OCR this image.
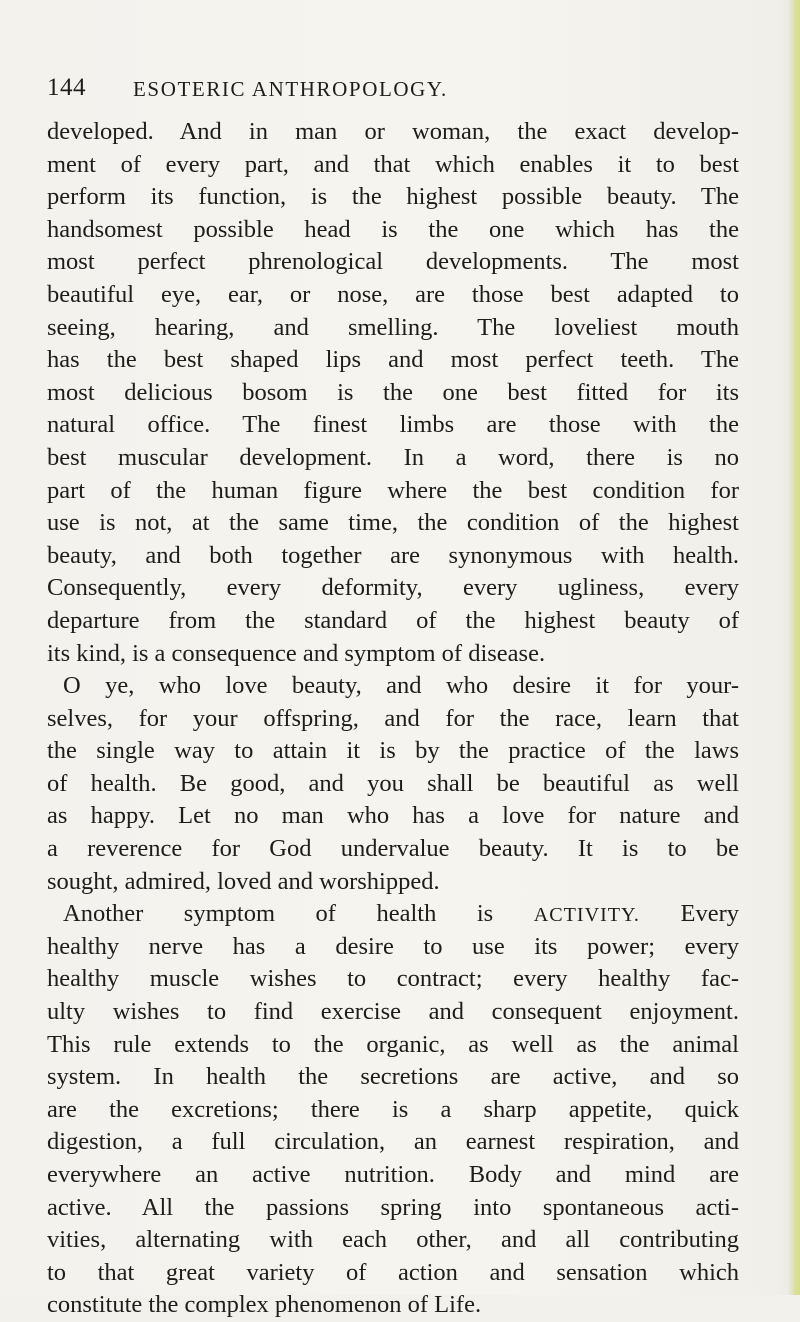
144 ESOTERIC ANTHROPOLOGY.
developed. And in man or woman, the exact develop-
ment of every part, and that which enables it to best
perform its function, is the highest possible beauty. The
handsomest possible head is the one which has the
most perfect phrenological developments. The most
beautiful eye, ear, or nose, are those best adapted to
seeing, hearing, and smelling. The loveliest mouth
has the best shaped lips and most perfect teeth. The
most delicious bosom is the one best fitted for its
natural office. The finest limbs are those with the
best muscular development. In a word, there is no
part of the human figure where the best condition for
use is not, at the same time, the condition of the highest
beauty, and both together are synonymous with health.
Consequently, every deformity, every ugliness, every
departure from the standard of the highest beauty of
its kind, is a consequence and symptom of disease.
O ye, who love beauty, and who desire it for your-
selves, for your offspring, and for the race, learn that
the single way to attain it is by the practice of the laws
of health. Be good, and you shall be beautiful as well
as happy. Let no man who has a love for nature and
a reverence for God undervalue beauty. It is to be
sought, admired, loved and worshipped.
Another symptom of health is ACTIVITY. Every
healthy nerve has a desire to use its power; every
healthy muscle wishes to contract; every healthy fac-
ulty wishes to find exercise and consequent enjoyment.
This rule extends to the organic, as well as the animal
system. In health the secretions are active, and so
are the excretions; there is a sharp appetite, quick
digestion, a full circulation, an earnest respiration, and
everywhere an active nutrition. Body and mind are
active. All the passions spring into spontaneous acti-
vities, alternating with each other, and all contributing
to that great variety of action and sensation which
constitute the complex phenomenon of Life.
